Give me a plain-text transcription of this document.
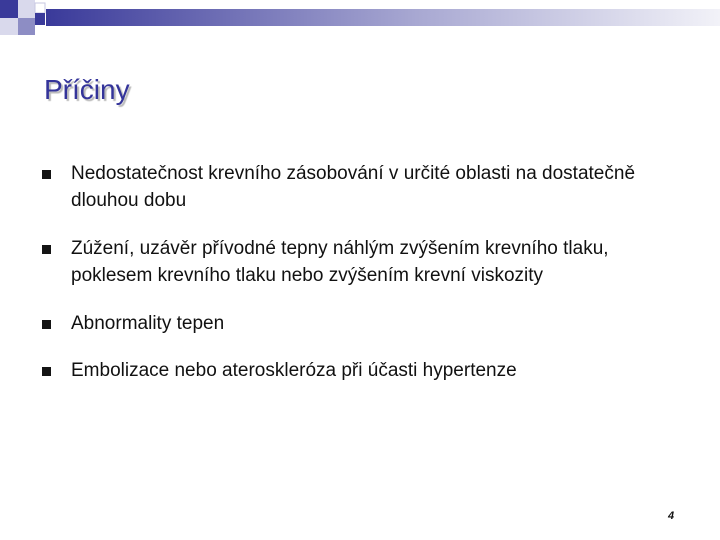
Příčiny
Nedostatečnost krevního zásobování v určité oblasti na dostatečně dlouhou dobu
Zúžení, uzávěr přívodné tepny náhlým zvýšením krevního tlaku, poklesem krevního tlaku nebo zvýšením krevní viskozity
Abnormality tepen
Embolizace nebo ateroskleróza při účasti hypertenze
4
